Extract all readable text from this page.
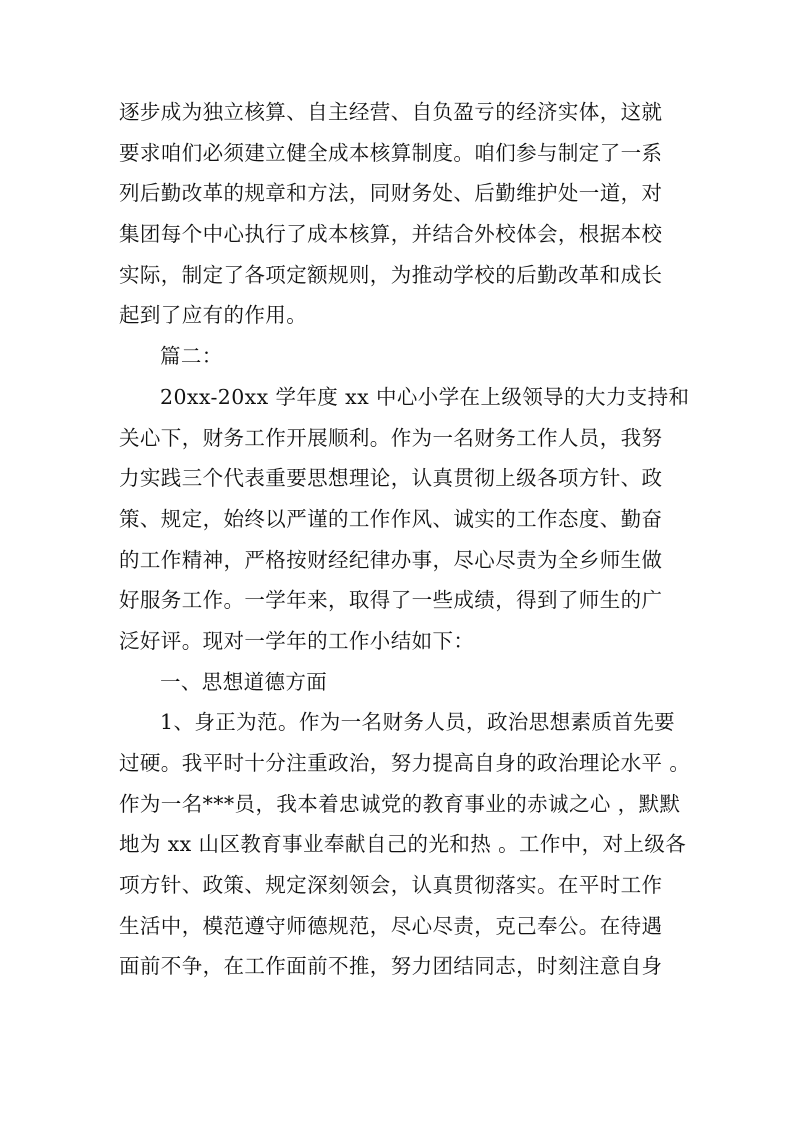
逐步成为独立核算、自主经营、自负盈亏的经济实体，这就
要求咱们必须建立健全成本核算制度。咱们参与制定了一系
列后勤改革的规章和方法，同财务处、后勤维护处一道，对
集团每个中心执行了成本核算，并结合外校体会，根据本校
实际，制定了各项定额规则，为推动学校的后勤改革和成长
起到了应有的作用。
篇二：
20xx-20xx 学年度 xx 中心小学在上级领导的大力支持和
关心下，财务工作开展顺利。作为一名财务工作人员，我努
力实践三个代表重要思想理论，认真贯彻上级各项方针、政
策、规定，始终以严谨的工作作风、诚实的工作态度、勤奋
的工作精神，严格按财经纪律办事，尽心尽责为全乡师生做
好服务工作。一学年来，取得了一些成绩，得到了师生的广
泛好评。现对一学年的工作小结如下：
一、思想道德方面
1、身正为范。作为一名财务人员，政治思想素质首先要
过硬。我平时十分注重政治，努力提高自身的政治理论水平 。
作为一名***员，我本着忠诚党的教育事业的赤诚之心 ，默默
地为 xx 山区教育事业奉献自己的光和热 。工作中，对上级各
项方针、政策、规定深刻领会，认真贯彻落实。在平时工作
生活中，模范遵守师德规范，尽心尽责，克己奉公。在待遇
面前不争，在工作面前不推，努力团结同志，时刻注意自身
